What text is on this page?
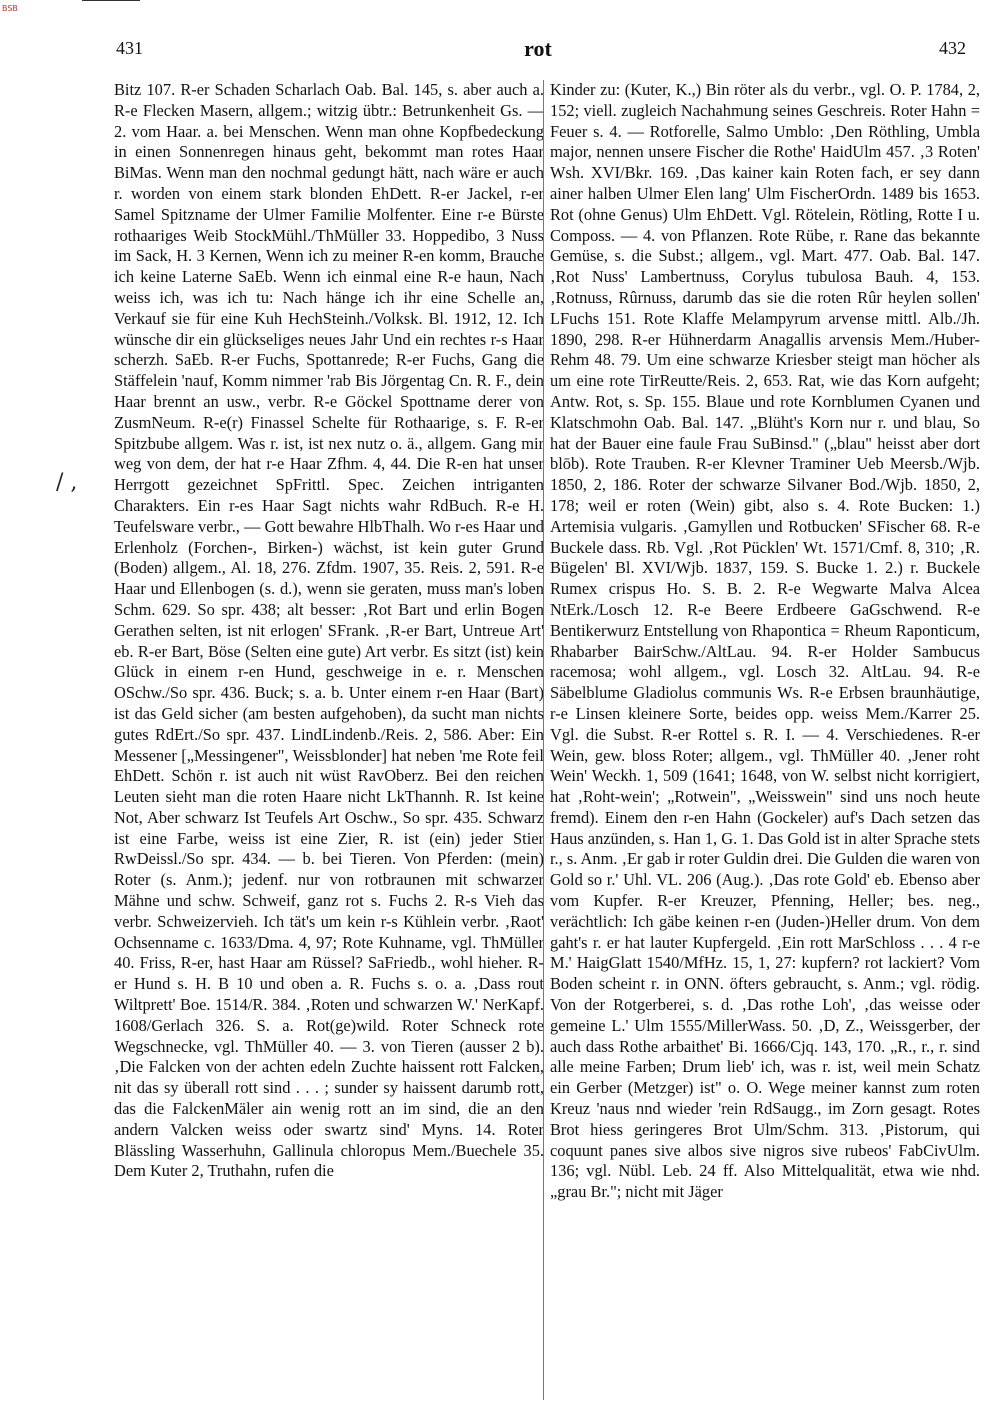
BSB
431	rot	432
/ ,

Bitz 107. R-er Schaden Scharlach Oab. Bal. 145, s. aber auch a. R-e Flecken Masern, allgem.; witzig übtr.: Betrunkenheit Gs. — 2. vom Haar. a. bei Menschen. Wenn man ohne Kopfbedeckung in einen Sonnenregen hinaus geht, bekommt man rotes Haar BiMas. Wenn man den nochmal gedungt hätt, nach wäre er auch r. worden von einem stark blonden EhDett. R-er Jackel, r-er Samel Spitzname der Ulmer Familie Molfenter. Eine r-e Bürste rothaariges Weib StockMühl./ThMüller 33. Hoppedibo, 3 Nuss im Sack, H. 3 Kernen, Wenn ich zu meiner R-en komm, Brauche ich keine Laterne SaEb. Wenn ich einmal eine R-e haun, Nach weiss ich, was ich tu: Nach hänge ich ihr eine Schelle an, Verkauf sie für eine Kuh HechSteinh./Volksk. Bl. 1912, 12. Ich wünsche dir ein glückseliges neues Jahr Und ein rechtes r-s Haar scherzh. SaEb. R-er Fuchs, Spottanrede; R-er Fuchs, Gang die Stäffelein 'nauf, Komm nimmer 'rab Bis Jörgentag Cn. R. F., dein Haar brennt an usw., verbr. R-e Göckel Spottname derer von ZusmNeum. R-e(r) Finassel Schelte für Rothaarige, s. F. R-er Spitzbube allgem. Was r. ist, ist nex nutz o. ä., allgem. Gang mir weg von dem, der hat r-e Haar Zfhm. 4, 44. Die R-en hat unser Herrgott gezeichnet SpFrittl. Spec. Zeichen intriganten Charakters. Ein r-es Haar Sagt nichts wahr RdBuch. R-e H. Teufelsware verbr., — Gott bewahre HlbThalh. Wo r-es Haar und Erlenholz (Forchen-, Birken-) wächst, ist kein guter Grund (Boden) allgem., Al. 18, 276. Zfdm. 1907, 35. Reis. 2, 591. R-e Haar und Ellenbogen (s. d.), wenn sie geraten, muss man's loben Schm. 629. So spr. 438; alt besser: ‚Rot Bart und erlin Bogen Gerathen selten, ist nit erlogen' SFrank. ‚R-er Bart, Untreue Art' eb. R-er Bart, Böse (Selten eine gute) Art verbr. Es sitzt (ist) kein Glück in einem r-en Hund, geschweige in e. r. Menschen OSchw./So spr. 436. Buck; s. a. b. Unter einem r-en Haar (Bart) ist das Geld sicher (am besten aufgehoben), da sucht man nichts gutes RdErt./So spr. 437. LindLindenb./Reis. 2, 586. Aber: Ein Messener [„Messingener", Weissblonder] hat neben 'me Rote feil EhDett. Schön r. ist auch nit wüst RavOberz. Bei den reichen Leuten sieht man die roten Haare nicht LkThannh. R. Ist keine Not, Aber schwarz Ist Teufels Art Oschw., So spr. 435. Schwarz ist eine Farbe, weiss ist eine Zier, R. ist (ein) jeder Stier RwDeissl./So spr. 434. — b. bei Tieren. Von Pferden: (mein) Roter (s. Anm.); jedenf. nur von rotbraunen mit schwarzer Mähne und schw. Schweif, ganz rot s. Fuchs 2. R-s Vieh das verbr. Schweizervieh. Ich tät's um kein r-s Kühlein verbr. ‚Raot' Ochsenname c. 1633/Dma. 4, 97; Rote Kuhname, vgl. ThMüller 40. Friss, R-er, hast Haar am Rüssel? SaFriedb., wohl hieher. R-er Hund s. H. B 10 und oben a. R. Fuchs s. o. a. ‚Dass rout Wiltprett' Boe. 1514/R. 384. ‚Roten und schwarzen W.' NerKapf. 1608/Gerlach 326. S. a. Rot(ge)wild. Roter Schneck rote Wegschnecke, vgl. ThMüller 40. — 3. von Tieren (ausser 2 b). ‚Die Falcken von der achten edeln Zuchte haissent rott Falcken, nit das sy überall rott sind . . . ; sunder sy haissent darumb rott, das die FalckenMäler ain wenig rott an im sind, die an den andern Valcken weiss oder swartz sind' Myns. 14. Roter Blässling Wasserhuhn, Gallinula chloropus Mem./Buechele 35. Dem Kuter 2, Truthahn, rufen die

Kinder zu: (Kuter, K.,) Bin röter als du verbr., vgl. O. P. 1784, 2, 152; viell. zugleich Nachahmung seines Geschreis. Roter Hahn = Feuer s. 4. — Rotforelle, Salmo Umblo: ‚Den Röthling, Umbla major, nennen unsere Fischer die Rothe' HaidUlm 457. ‚3 Roten' Wsh. XVI/Bkr. 169. ‚Das kainer kain Roten fach, er sey dann ainer halben Ulmer Elen lang' Ulm FischerOrdn. 1489 bis 1653. Rot (ohne Genus) Ulm EhDett. Vgl. Rötelein, Rötling, Rotte I u. Composs. — 4. von Pflanzen. Rote Rübe, r. Rane das bekannte Gemüse, s. die Subst.; allgem., vgl. Mart. 477. Oab. Bal. 147. ‚Rot Nuss' Lambertnuss, Corylus tubulosa Bauh. 4, 153. ‚Rotnuss, Rûrnuss, darumb das sie die roten Rûr heylen sollen' LFuchs 151. Rote Klaffe Melampyrum arvense mittl. Alb./Jh. 1890, 298. R-er Hühnerdarm Anagallis arvensis Mem./Huber-Rehm 48. 79. Um eine schwarze Kriesber steigt man höcher als um eine rote TirReutte/Reis. 2, 653. Rat, wie das Korn aufgeht; Antw. Rot, s. Sp. 155. Blaue und rote Kornblumen Cyanen und Klatschmohn Oab. Bal. 147. „Blüht's Korn nur r. und blau, So hat der Bauer eine faule Frau SuBinsd." („blau" heisst aber dort blōb). Rote Trauben. R-er Klevner Traminer Ueb Meersb./Wjb. 1850, 2, 186. Roter der schwarze Silvaner Bod./Wjb. 1850, 2, 178; weil er roten (Wein) gibt, also s. 4. Rote Bucken: 1.) Artemisia vulgaris. ‚Gamyllen und Rotbucken' SFischer 68. R-e Buckele dass. Rb. Vgl. ‚Rot Pücklen' Wt. 1571/Cmf. 8, 310; ‚R. Bügelen' Bl. XVI/Wjb. 1837, 159. S. Bucke 1. 2.) r. Buckele Rumex crispus Ho. S. B. 2. R-e Wegwarte Malva Alcea NtErk./Losch 12. R-e Beere Erdbeere GaGschwend. R-e Bentikerwurz Entstellung von Rhapontica = Rheum Raponticum, Rhabarber BairSchw./AltLau. 94. R-er Holder Sambucus racemosa; wohl allgem., vgl. Losch 32. AltLau. 94. R-e Säbelblume Gladiolus communis Ws. R-e Erbsen braunhäutige, r-e Linsen kleinere Sorte, beides opp. weiss Mem./Karrer 25. Vgl. die Subst. R-er Rottel s. R. I. — 4. Verschiedenes. R-er Wein, gew. bloss Roter; allgem., vgl. ThMüller 40. ‚Jener roht Wein' Weckh. 1, 509 (1641; 1648, von W. selbst nicht korrigiert, hat ‚Roht-wein'; „Rotwein", „Weisswein" sind uns noch heute fremd). Einem den r-en Hahn (Gockeler) auf's Dach setzen das Haus anzünden, s. Han 1, G. 1. Das Gold ist in alter Sprache stets r., s. Anm. ‚Er gab ir roter Guldin drei. Die Gulden die waren von Gold so r.' Uhl. VL. 206 (Aug.). ‚Das rote Gold' eb. Ebenso aber vom Kupfer. R-er Kreuzer, Pfenning, Heller; bes. neg., verächtlich: Ich gäbe keinen r-en (Juden-)Heller drum. Von dem gaht's r. er hat lauter Kupfergeld. ‚Ein rott MarSchloss . . . 4 r-e M.' HaigGlatt 1540/MfHz. 15, 1, 27: kupfern? rot lackiert? Vom Boden scheint r. in ONN. öfters gebraucht, s. Anm.; vgl. rödig. Von der Rotgerberei, s. d. ‚Das rothe Loh', ‚das weisse oder gemeine L.' Ulm 1555/MillerWass. 50. ‚D, Z., Weissgerber, der auch dass Rothe arbaithet' Bi. 1666/Cjq. 143, 170. „R., r., r. sind alle meine Farben; Drum lieb' ich, was r. ist, weil mein Schatz ein Gerber (Metzger) ist" o. O. Wege meiner kannst zum roten Kreuz 'naus nnd wieder 'rein RdSaugg., im Zorn gesagt. Rotes Brot hiess geringeres Brot Ulm/Schm. 313. ‚Pistorum, qui coquunt panes sive albos sive nigros sive rubeos' FabCivUlm. 136; vgl. Nübl. Leb. 24 ff. Also Mittelqualität, etwa wie nhd. „grau Br."; nicht mit Jäger
